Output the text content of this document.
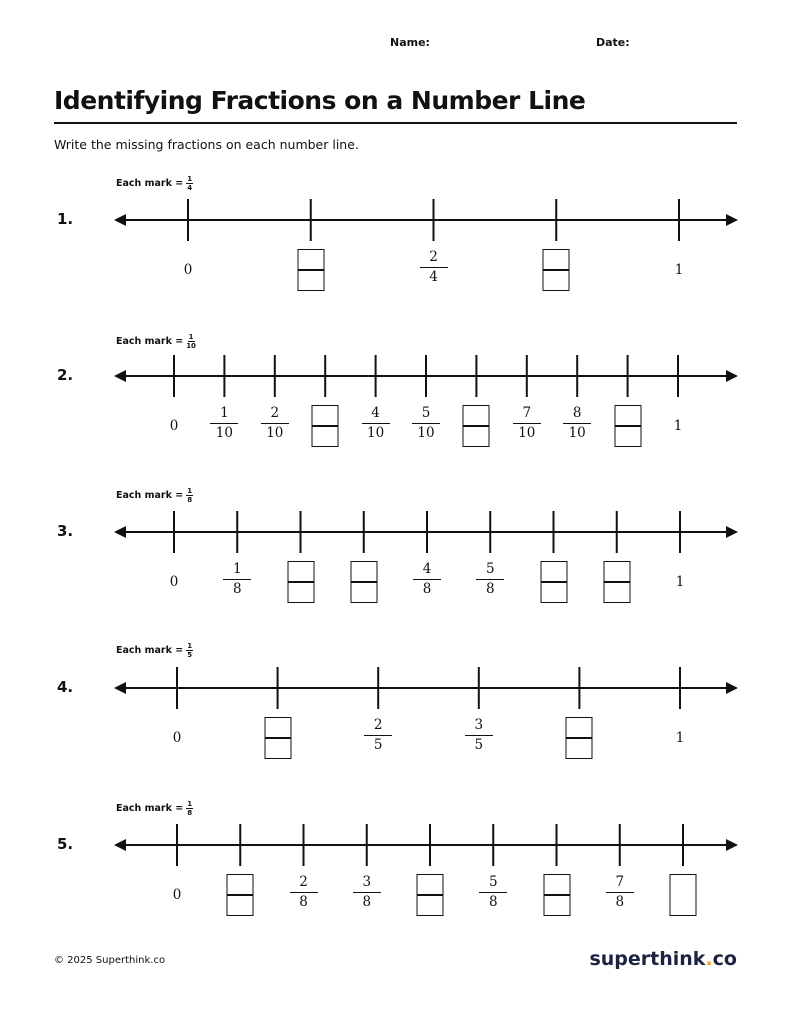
Name:	Date:
Identifying Fractions on a Number Line
Write the missing fractions on each number line.
Each mark = $\frac{1}{4}$
1.
0
2
4	1
Each mark = $\frac{1}{10}$
2.
0
1
10
2
10
4
10
5
10
7
10
8
10	1
Each mark = $\frac{1}{8}$
3.
0
1
8
4
8
5
8	1
Each mark = $\frac{1}{5}$
4.
0
2
5
3
5	1
Each mark = $\frac{1}{8}$
5.
0
2
8
3
8
5
8
7
8
© 2025 Superthink.co	superthink.co
